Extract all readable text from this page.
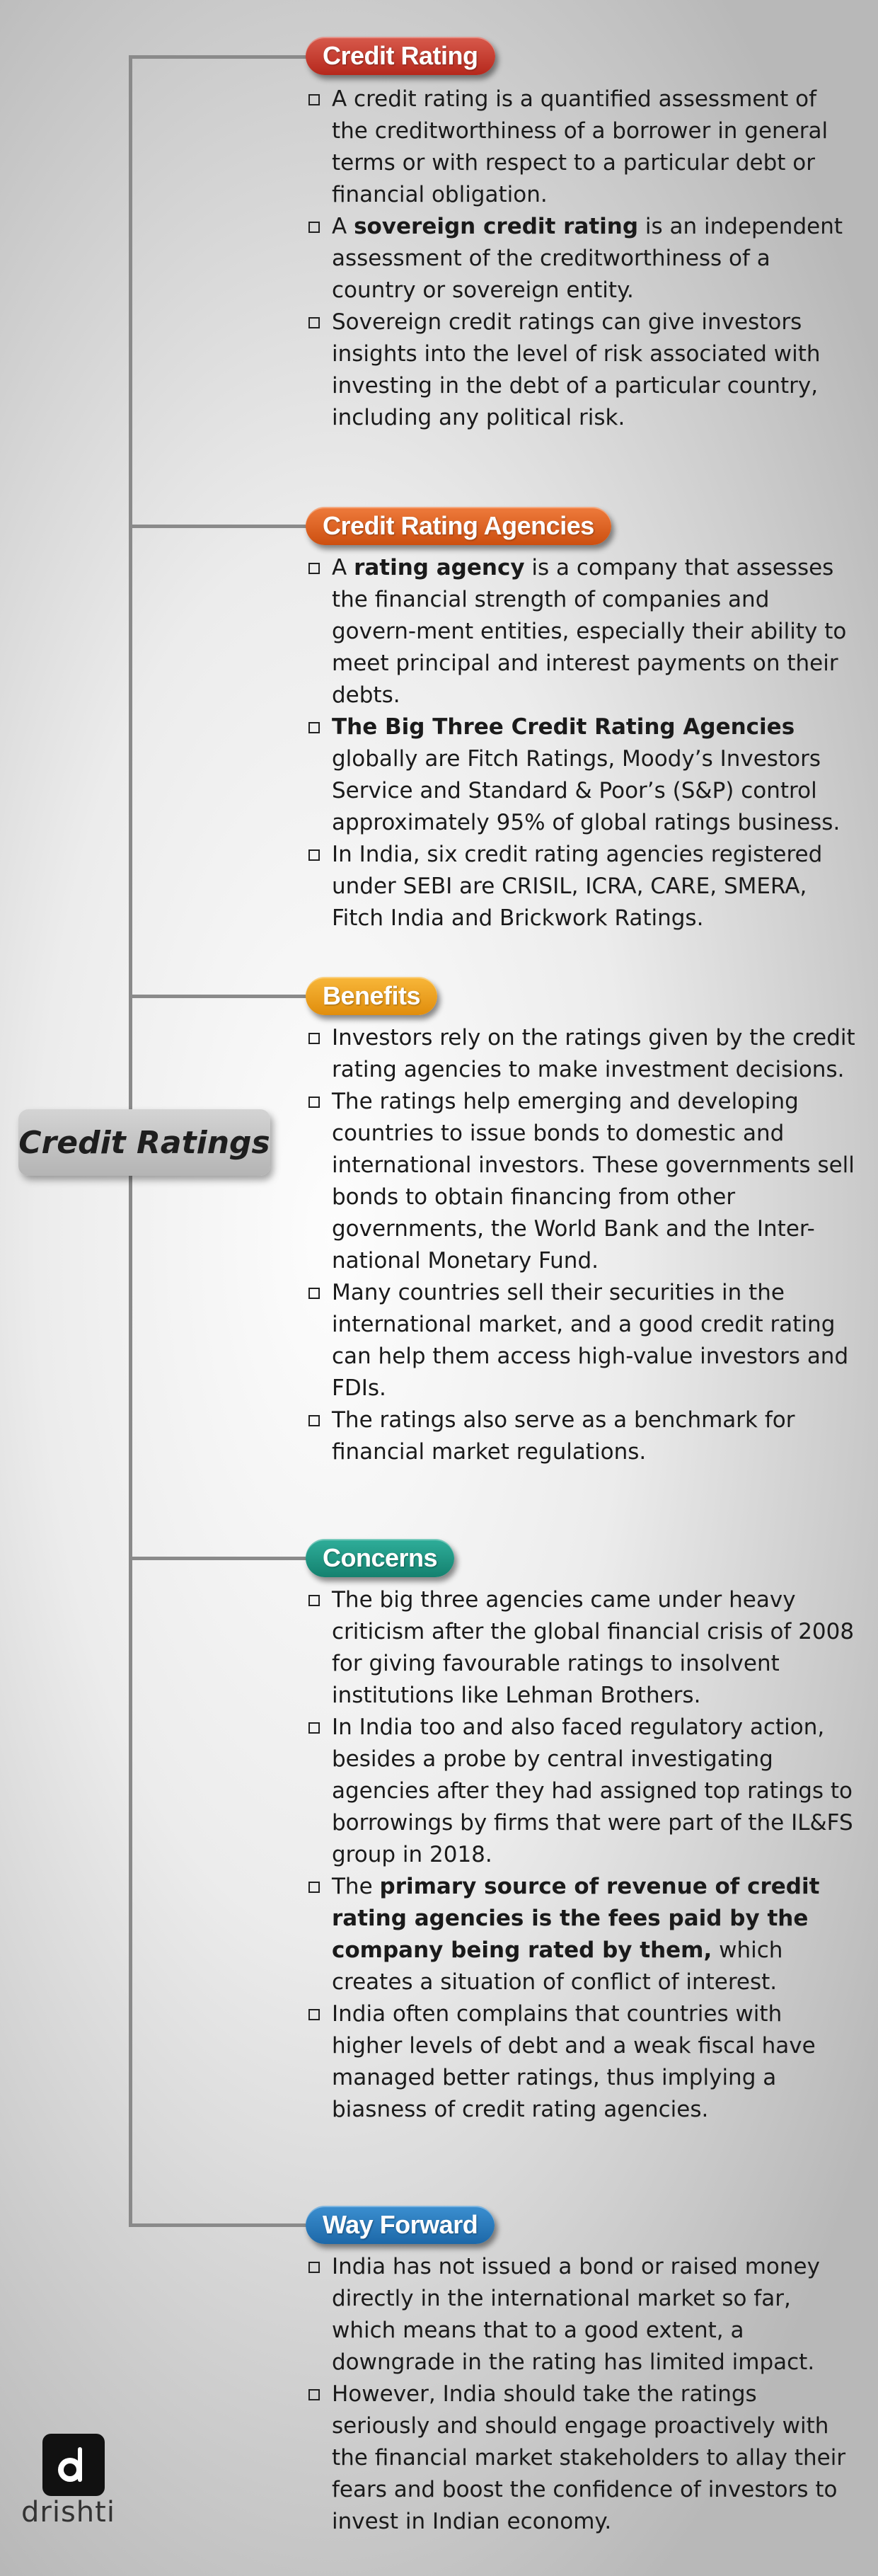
Credit Ratings
Credit Rating
A credit rating is a quantified assessment of the creditworthiness of a borrower in general terms or with respect to a particular debt or financial obligation.
A sovereign credit rating is an independent assessment of the creditworthiness of a country or sovereign entity.
Sovereign credit ratings can give investors insights into the level of risk associated with investing in the debt of a particular country, including any political risk.
Credit Rating Agencies
A rating agency is a company that assesses the financial strength of companies and govern-ment entities, especially their ability to meet principal and interest payments on their debts.
The Big Three Credit Rating Agencies globally are Fitch Ratings, Moody’s Investors Service and Standard & Poor’s (S&P) control approximately 95% of global ratings business.
In India, six credit rating agencies registered under SEBI are CRISIL, ICRA, CARE, SMERA, Fitch India and Brickwork Ratings.
Benefits
Investors rely on the ratings given by the credit rating agencies to make investment decisions.
The ratings help emerging and developing countries to issue bonds to domestic and international investors. These governments sell bonds to obtain financing from other governments, the World Bank and the Inter-national Monetary Fund.
Many countries sell their securities in the international market, and a good credit rating can help them access high-value investors and FDIs.
The ratings also serve as a benchmark for financial market regulations.
Concerns
The big three agencies came under heavy criticism after the global financial crisis of 2008 for giving favourable ratings to insolvent institutions like Lehman Brothers.
In India too and also faced regulatory action, besides a probe by central investigating agencies after they had assigned top ratings to borrowings by firms that were part of the IL&FS group in 2018.
The primary source of revenue of credit rating agencies is the fees paid by the company being rated by them, which creates a situation of conflict of interest.
India often complains that countries with higher levels of debt and a weak fiscal have managed better ratings, thus implying a biasness of credit rating agencies.
Way Forward
India has not issued a bond or raised money directly in the international market so far, which means that to a good extent, a downgrade in the rating has limited impact.
However, India should take the ratings seriously and should engage proactively with the financial market stakeholders to allay their fears and boost the confidence of investors to invest in Indian economy.
drishti
